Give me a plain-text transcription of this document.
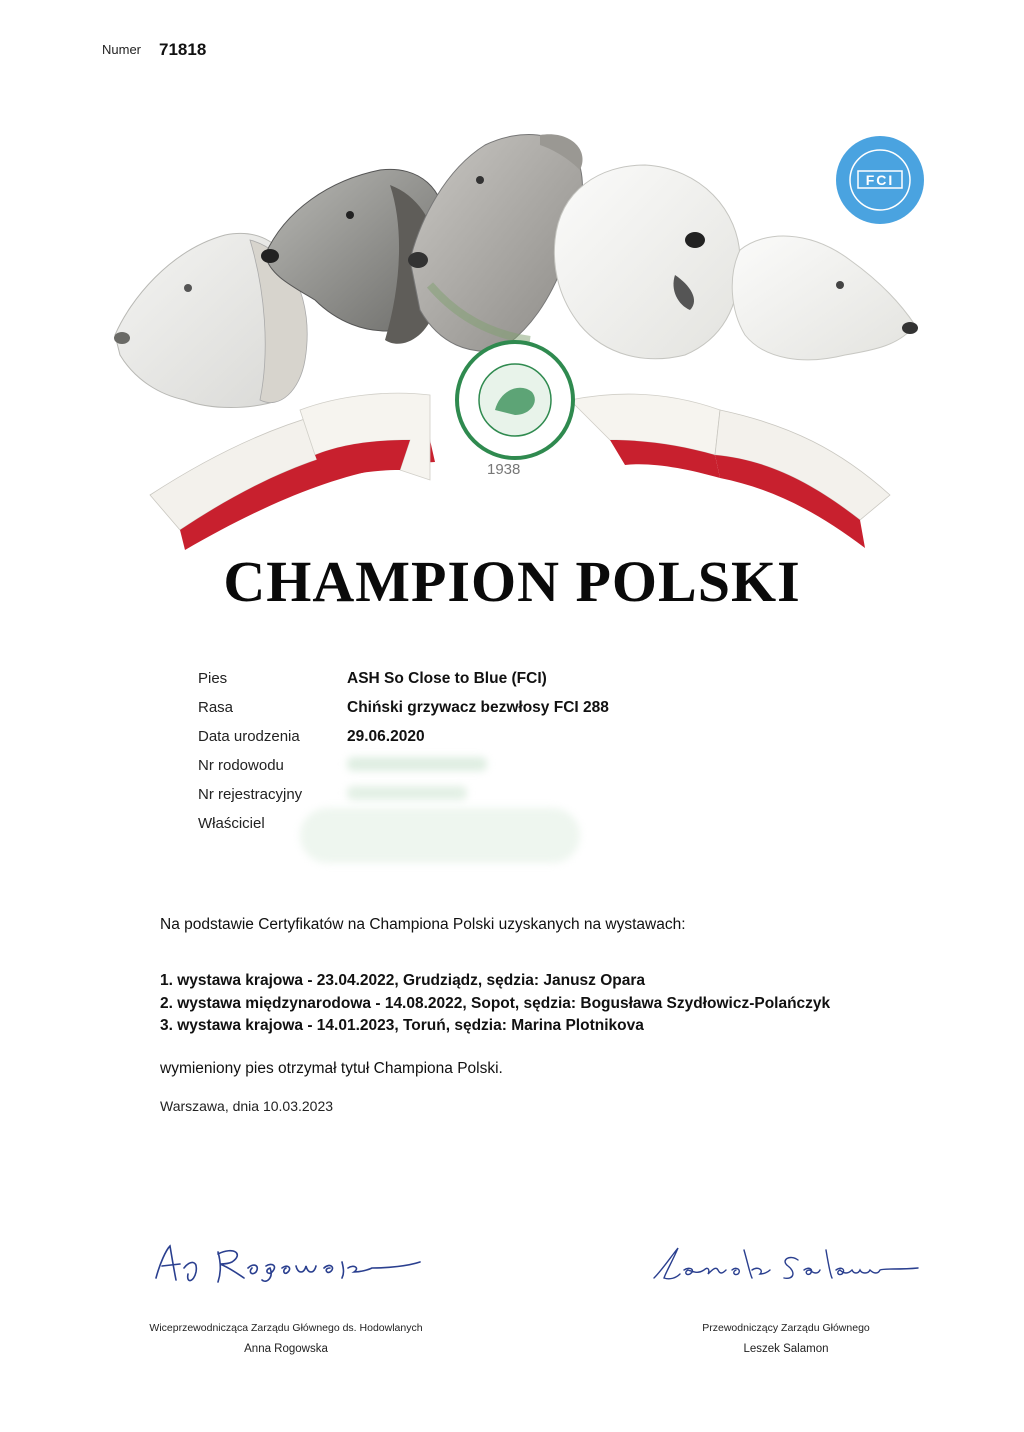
Numer 71818
1938
FCI
CHAMPION POLSKI
Pies	ASH So Close to Blue (FCI)
Rasa	Chiński grzywacz bezwłosy FCI 288
Data urodzenia	29.06.2020
Nr rodowodu
Nr rejestracyjny
Właściciel
Na podstawie Certyfikatów na Championa Polski uzyskanych na wystawach:
1. wystawa krajowa - 23.04.2022, Grudziądz, sędzia: Janusz Opara
2. wystawa międzynarodowa - 14.08.2022, Sopot, sędzia: Bogusława Szydłowicz-Polańczyk
3. wystawa krajowa - 14.01.2023, Toruń, sędzia: Marina Plotnikova
wymieniony pies otrzymał tytuł Championa Polski.
Warszawa, dnia 10.03.2023
Wiceprzewodnicząca Zarządu Głównego ds. Hodowlanych
Anna Rogowska
Przewodniczący Zarządu Głównego
Leszek Salamon
